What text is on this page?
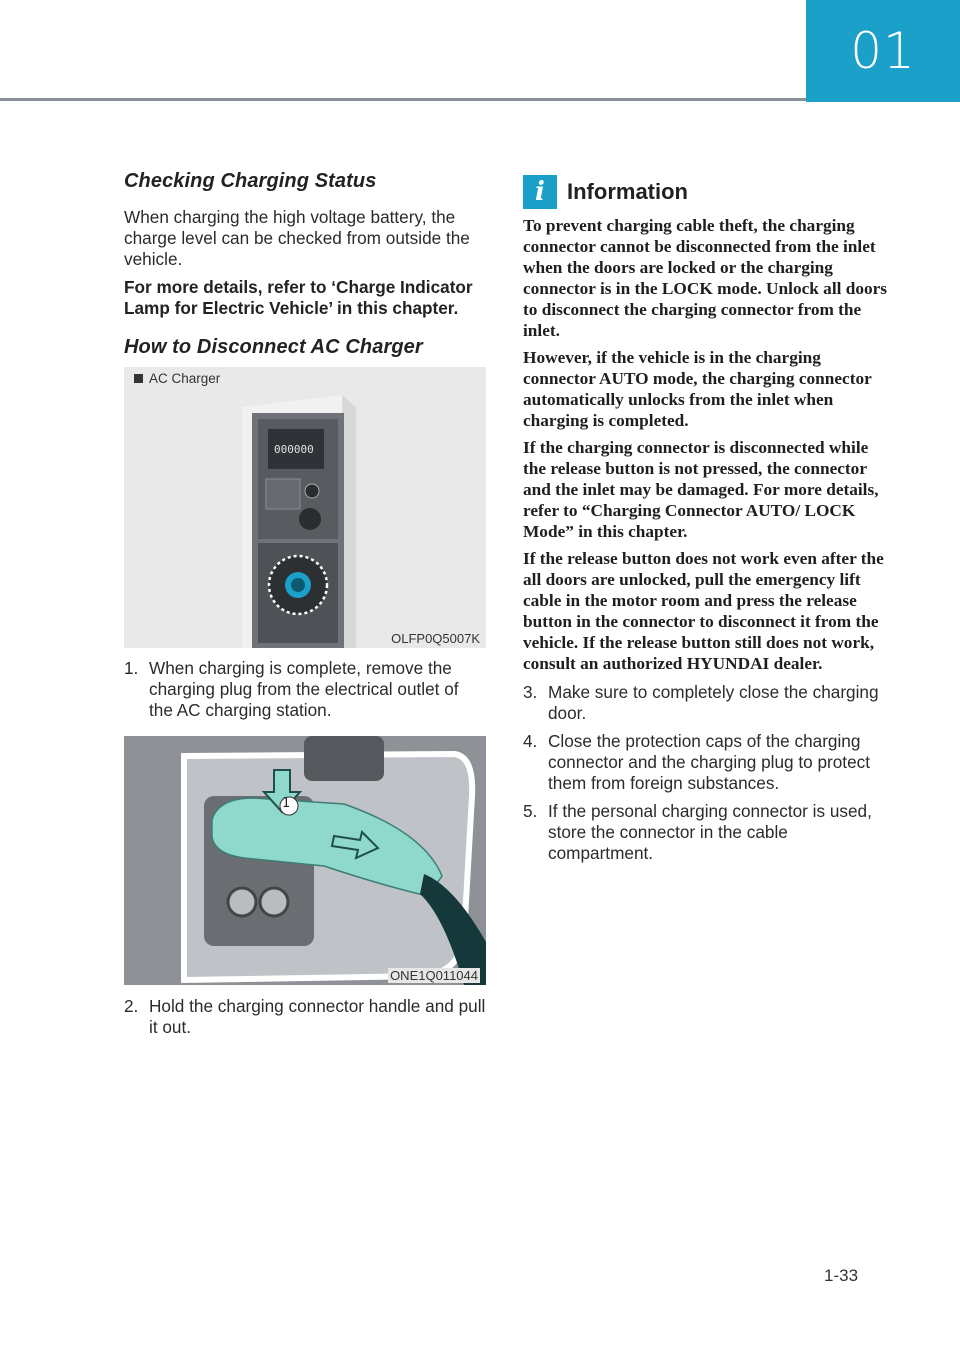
01
Checking Charging Status

When charging the high voltage battery, the charge level can be checked from outside the vehicle.

For more details, refer to ‘Charge Indicator Lamp for Electric Vehicle’ in this chapter.

How to Disconnect AC Charger
000000
AC Charger
OLFP0Q5007K
1. When charging is complete, remove the charging plug from the electrical outlet of the AC charging station.
1
ONE1Q011044
2. Hold the charging connector handle and pull it out.
i	Information

To prevent charging cable theft, the charging connector cannot be disconnected from the inlet when the doors are locked or the charging connector is in the LOCK mode. Unlock all doors to disconnect the charging connector from the inlet.

However, if the vehicle is in the charging connector AUTO mode, the charging connector automatically unlocks from the inlet when charging is completed.

If the charging connector is disconnected while the release button is not pressed, the connector and the inlet may be damaged. For more details, refer to “Charging Connector AUTO/ LOCK Mode” in this chapter.

If the release button does not work even after the all doors are unlocked, pull the emergency lift cable in the motor room and press the release button in the connector to disconnect it from the vehicle. If the release button still does not work, consult an authorized HYUNDAI dealer.

3. Make sure to completely close the charging door.
4. Close the protection caps of the charging connector and the charging plug to protect them from foreign substances.
5. If the personal charging connector is used, store the connector in the cable compartment.
1-33
